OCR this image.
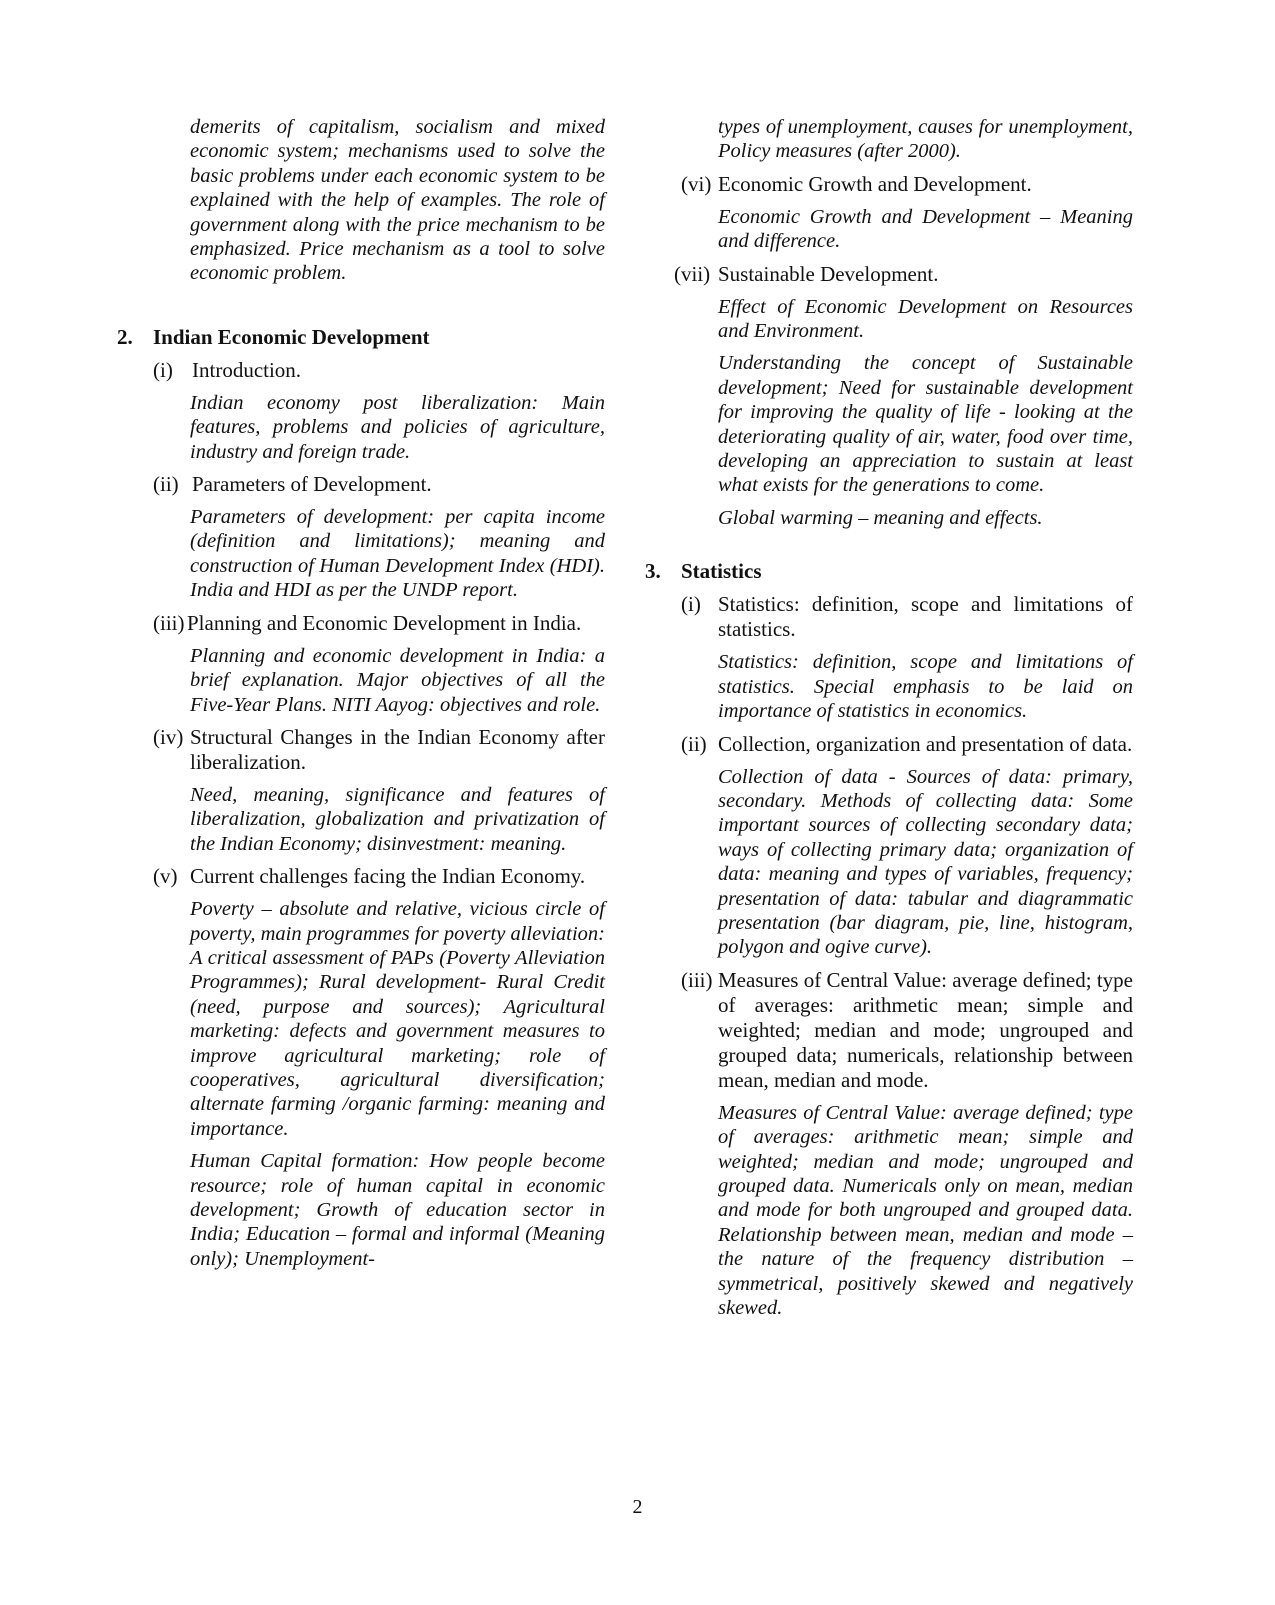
demerits of capitalism, socialism and mixed economic system; mechanisms used to solve the basic problems under each economic system to be explained with the help of examples. The role of government along with the price mechanism to be emphasized. Price mechanism as a tool to solve economic problem.

2. Indian Economic Development
(i) Introduction.

Indian economy post liberalization: Main features, problems and policies of agriculture, industry and foreign trade.

(ii) Parameters of Development.

Parameters of development: per capita income (definition and limitations); meaning and construction of Human Development Index (HDI). India and HDI as per the UNDP report.

(iii) Planning and Economic Development in India.

Planning and economic development in India: a brief explanation. Major objectives of all the Five-Year Plans. NITI Aayog: objectives and role.

(iv) Structural Changes in the Indian Economy after liberalization.

Need, meaning, significance and features of liberalization, globalization and privatization of the Indian Economy; disinvestment: meaning.

(v) Current challenges facing the Indian Economy.

Poverty – absolute and relative, vicious circle of poverty, main programmes for poverty alleviation: A critical assessment of PAPs (Poverty Alleviation Programmes); Rural development- Rural Credit (need, purpose and sources); Agricultural marketing: defects and government measures to improve agricultural marketing; role of cooperatives, agricultural diversification; alternate farming /organic farming: meaning and importance.

Human Capital formation: How people become resource; role of human capital in economic development; Growth of education sector in India; Education – formal and informal (Meaning only); Unemployment-

types of unemployment, causes for unemployment, Policy measures (after 2000).

(vi) Economic Growth and Development.

Economic Growth and Development – Meaning and difference.

(vii) Sustainable Development.

Effect of Economic Development on Resources and Environment.

Understanding the concept of Sustainable development; Need for sustainable development for improving the quality of life - looking at the deteriorating quality of air, water, food over time, developing an appreciation to sustain at least what exists for the generations to come.

Global warming – meaning and effects.

3. Statistics
(i) Statistics: definition, scope and limitations of statistics.

Statistics: definition, scope and limitations of statistics. Special emphasis to be laid on importance of statistics in economics.

(ii) Collection, organization and presentation of data.

Collection of data - Sources of data: primary, secondary. Methods of collecting data: Some important sources of collecting secondary data; ways of collecting primary data; organization of data: meaning and types of variables, frequency; presentation of data: tabular and diagrammatic presentation (bar diagram, pie, line, histogram, polygon and ogive curve).

(iii) Measures of Central Value: average defined; type of averages: arithmetic mean; simple and weighted; median and mode; ungrouped and grouped data; numericals, relationship between mean, median and mode.

Measures of Central Value: average defined; type of averages: arithmetic mean; simple and weighted; median and mode; ungrouped and grouped data. Numericals only on mean, median and mode for both ungrouped and grouped data. Relationship between mean, median and mode – the nature of the frequency distribution – symmetrical, positively skewed and negatively skewed.

2
